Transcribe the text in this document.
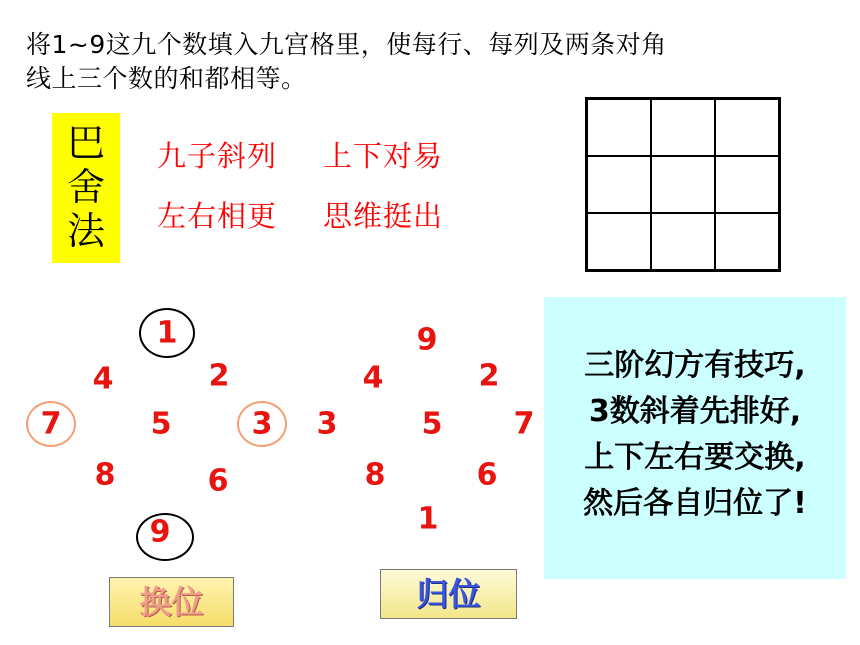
将1~9这九个数填入九宫格里，使每行、每列及两条对角
线上三个数的和都相等。
巴
舍
法
九子斜列 上下对易
左右相更 思维挺出
1
4	2
7	5	3
8	6
9
换位
9
4	2
3	5 7
8	6
1
归位
三阶幻方有技巧,
3数斜着先排好,
上下左右要交换,
然后各自归位了!
